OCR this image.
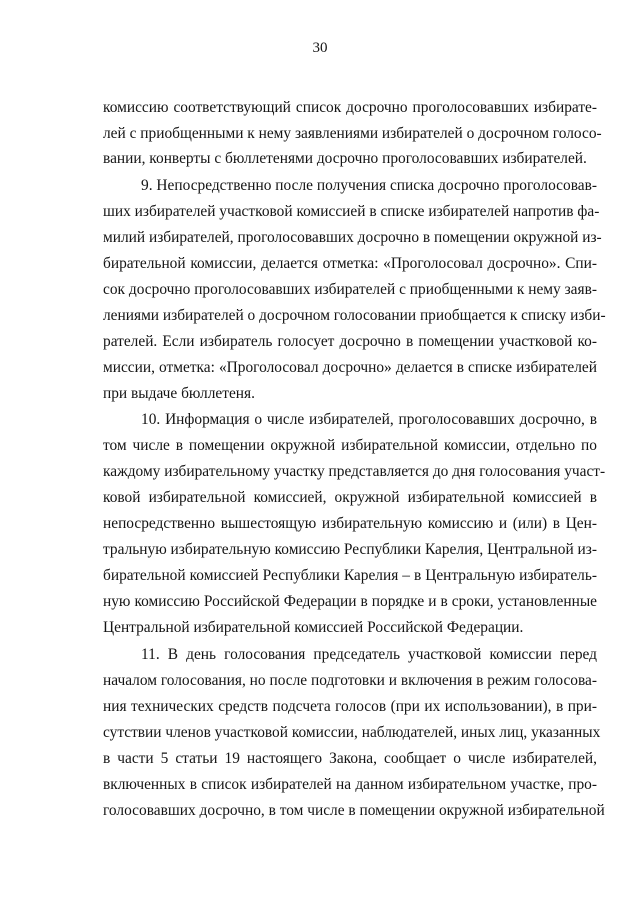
30
комиссию соответствующий список досрочно проголосовавших избирате-
лей с приобщенными к нему заявлениями избирателей о досрочном голосо-
вании, конверты с бюллетенями досрочно проголосовавших избирателей.
9. Непосредственно после получения списка досрочно проголосовав-
ших избирателей участковой комиссией в списке избирателей напротив фа-
милий избирателей, проголосовавших досрочно в помещении окружной из-
бирательной комиссии, делается отметка: «Проголосовал досрочно». Спи-
сок досрочно проголосовавших избирателей с приобщенными к нему заяв-
лениями избирателей о досрочном голосовании приобщается к списку изби-
рателей. Если избиратель голосует досрочно в помещении участковой ко-
миссии, отметка: «Проголосовал досрочно» делается в списке избирателей
при выдаче бюллетеня.
10. Информация о числе избирателей, проголосовавших досрочно, в
том числе в помещении окружной избирательной комиссии, отдельно по
каждому избирательному участку представляется до дня голосования участ-
ковой избирательной комиссией, окружной избирательной комиссией в
непосредственно вышестоящую избирательную комиссию и (или) в Цен-
тральную избирательную комиссию Республики Карелия, Центральной из-
бирательной комиссией Республики Карелия – в Центральную избиратель-
ную комиссию Российской Федерации в порядке и в сроки, установленные
Центральной избирательной комиссией Российской Федерации.
11. В день голосования председатель участковой комиссии перед
началом голосования, но после подготовки и включения в режим голосова-
ния технических средств подсчета голосов (при их использовании), в при-
сутствии членов участковой комиссии, наблюдателей, иных лиц, указанных
в части 5 статьи 19 настоящего Закона, сообщает о числе избирателей,
включенных в список избирателей на данном избирательном участке, про-
голосовавших досрочно, в том числе в помещении окружной избирательной
